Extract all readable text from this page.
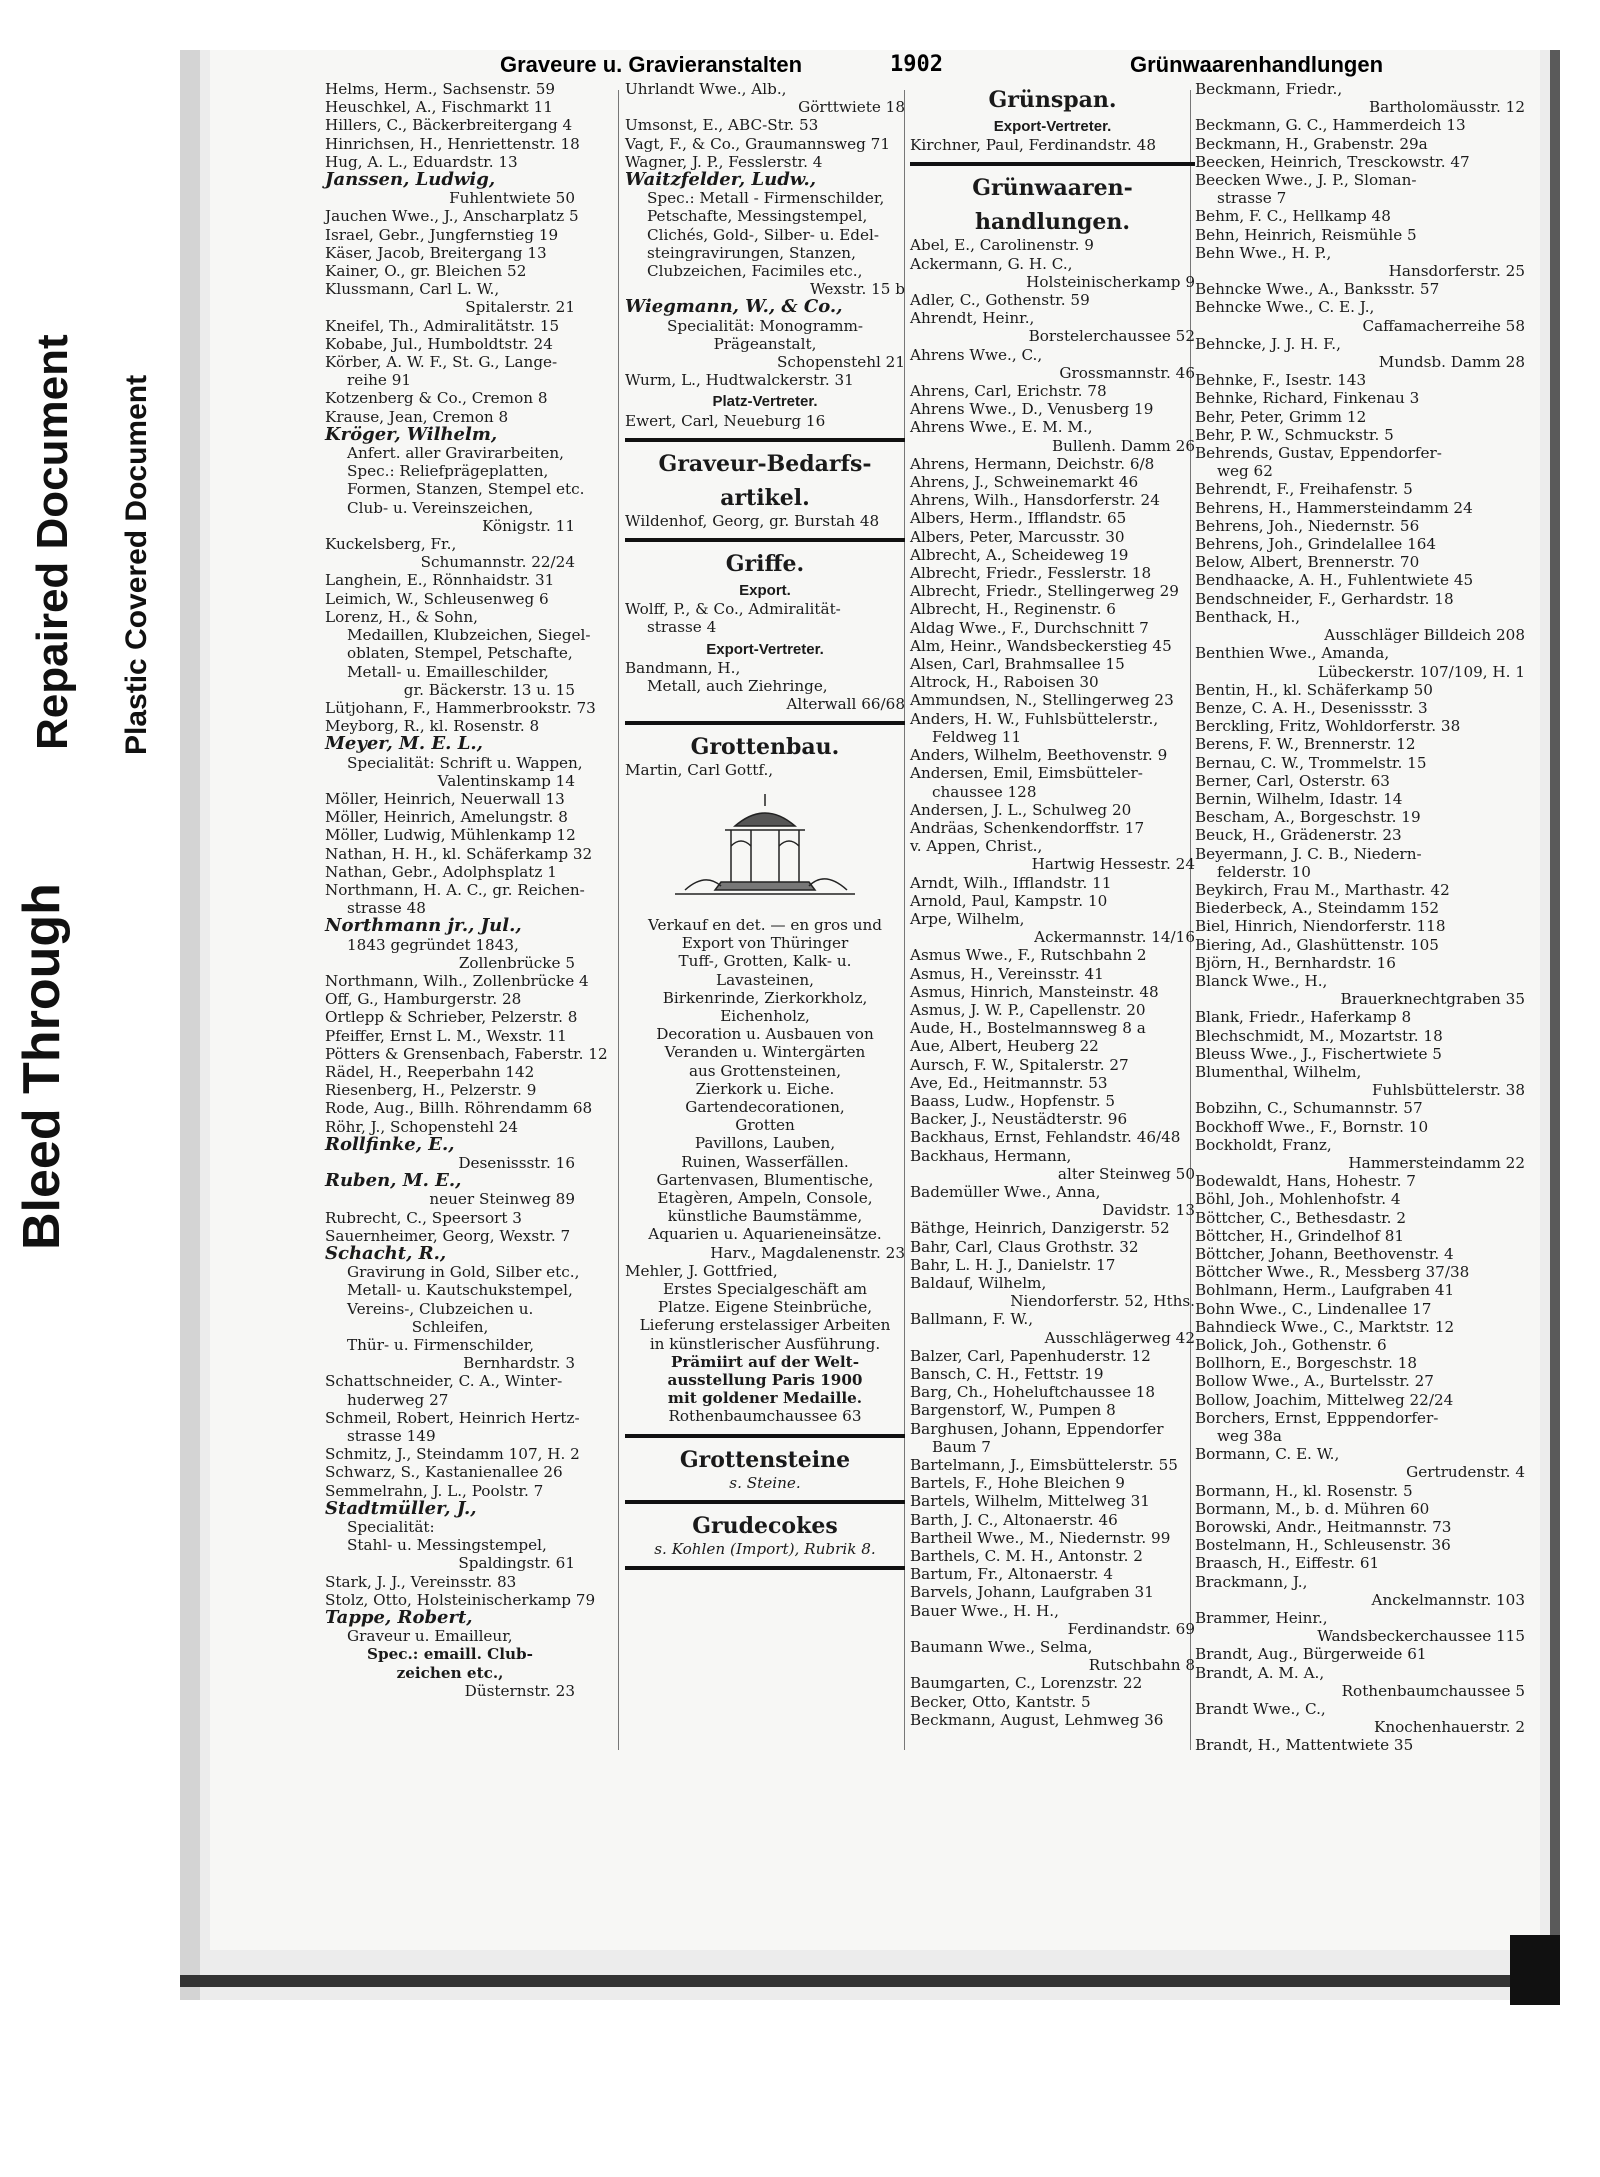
Bleed Through
Repaired Document Plastic Covered Document
Graveure u. Gravieranstalten	1902	Grünwaarenhandlungen
Helms, Herm., Sachsenstr. 59
Heuschkel, A., Fischmarkt 11
Hillers, C., Bäckerbreitergang 4
Hinrichsen, H., Henriettenstr. 18
Hug, A. L., Eduardstr. 13
Janssen, Ludwig,
Fuhlentwiete 50
Jauchen Wwe., J., Anscharplatz 5
Israel, Gebr., Jungfernstieg 19
Käser, Jacob, Breitergang 13
Kainer, O., gr. Bleichen 52
Klussmann, Carl L. W.,
Spitalerstr. 21
Kneifel, Th., Admiralitätstr. 15
Kobabe, Jul., Humboldtstr. 24
Körber, A. W. F., St. G., Lange-
reihe 91
Kotzenberg & Co., Cremon 8
Krause, Jean, Cremon 8
Kröger, Wilhelm,
Anfert. aller Gravirarbeiten,
Spec.: Reliefprägeplatten,
Formen, Stanzen, Stempel etc.
Club- u. Vereinszeichen,
Königstr. 11
Kuckelsberg, Fr.,
Schumannstr. 22/24
Langhein, E., Rönnhaidstr. 31
Leimich, W., Schleusenweg 6
Lorenz, H., & Sohn,
Medaillen, Klubzeichen, Siegel-
oblaten, Stempel, Petschafte,
Metall- u. Emailleschilder,
gr. Bäckerstr. 13 u. 15
Lütjohann, F., Hammerbrookstr. 73
Meyborg, R., kl. Rosenstr. 8
Meyer, M. E. L.,
Specialität: Schrift u. Wappen,
Valentinskamp 14
Möller, Heinrich, Neuerwall 13
Möller, Heinrich, Amelungstr. 8
Möller, Ludwig, Mühlenkamp 12
Nathan, H. H., kl. Schäferkamp 32
Nathan, Gebr., Adolphsplatz 1
Northmann, H. A. C., gr. Reichen-
strasse 48
Northmann jr., Jul.,
1843 gegründet 1843,
Zollenbrücke 5
Northmann, Wilh., Zollenbrücke 4
Off, G., Hamburgerstr. 28
Ortlepp & Schrieber, Pelzerstr. 8
Pfeiffer, Ernst L. M., Wexstr. 11
Pötters & Grensenbach, Faberstr. 12
Rädel, H., Reeperbahn 142
Riesenberg, H., Pelzerstr. 9
Rode, Aug., Billh. Röhrendamm 68
Röhr, J., Schopenstehl 24
Rollfinke, E.,
Desenissstr. 16
Ruben, M. E.,
neuer Steinweg 89
Rubrecht, C., Speersort 3
Sauernheimer, Georg, Wexstr. 7
Schacht, R.,
Gravirung in Gold, Silber etc.,
Metall- u. Kautschukstempel,
Vereins-, Clubzeichen u.
Schleifen,
Thür- u. Firmenschilder,
Bernhardstr. 3
Schattschneider, C. A., Winter-
huderweg 27
Schmeil, Robert, Heinrich Hertz-
strasse 149
Schmitz, J., Steindamm 107, H. 2
Schwarz, S., Kastanienallee 26
Semmelrahn, J. L., Poolstr. 7
Stadtmüller, J.,
Specialität:
Stahl- u. Messingstempel,
Spaldingstr. 61
Stark, J. J., Vereinsstr. 83
Stolz, Otto, Holsteinischerkamp 79
Tappe, Robert,
Graveur u. Emailleur,
Spec.: emaill. Club-
zeichen etc.,
Düsternstr. 23
Uhrlandt Wwe., Alb.,
Görttwiete 18
Umsonst, E., ABC-Str. 53
Vagt, F., & Co., Graumannsweg 71
Wagner, J. P., Fesslerstr. 4
Waitzfelder, Ludw.,
Spec.: Metall - Firmenschilder,
Petschafte, Messingstempel,
Clichés, Gold-, Silber- u. Edel-
steingravirungen, Stanzen,
Clubzeichen, Facimiles etc.,
Wexstr. 15 b
Wiegmann, W., & Co.,
Specialität: Monogramm-
Prägeanstalt,
Schopenstehl 21
Wurm, L., Hudtwalckerstr. 31
Platz-Vertreter.
Ewert, Carl, Neueburg 16
Graveur-Bedarfs-
artikel.
Wildenhof, Georg, gr. Burstah 48
Griffe.
Export.
Wolff, P., & Co., Admiralität-
strasse 4
Export-Vertreter.
Bandmann, H.,
Metall, auch Ziehringe,
Alterwall 66/68
Grottenbau.
Martin, Carl Gottf.,
Verkauf en det. — en gros und
Export von Thüringer
Tuff-, Grotten, Kalk- u.
Lavasteinen,
Birkenrinde, Zierkorkholz,
Eichenholz,
Decoration u. Ausbauen von
Veranden u. Wintergärten
aus Grottensteinen,
Zierkork u. Eiche.
Gartendecorationen,
Grotten
Pavillons, Lauben,
Ruinen, Wasserfällen.
Gartenvasen, Blumentische,
Etagèren, Ampeln, Console,
künstliche Baumstämme,
Aquarien u. Aquarieneinsätze.
Harv., Magdalenenstr. 23
Mehler, J. Gottfried,
Erstes Specialgeschäft am
Platze. Eigene Steinbrüche,
Lieferung erstelassiger Arbeiten
in künstlerischer Ausführung.
Prämiirt auf der Welt-
ausstellung Paris 1900
mit goldener Medaille.
Rothenbaumchaussee 63
Grottensteine
s. Steine.
Grudecokes
s. Kohlen (Import), Rubrik 8.
Grünspan.
Export-Vertreter.
Kirchner, Paul, Ferdinandstr. 48
Grünwaaren-
handlungen.
Abel, E., Carolinenstr. 9
Ackermann, G. H. C.,
Holsteinischerkamp 9
Adler, C., Gothenstr. 59
Ahrendt, Heinr.,
Borstelerchaussee 52
Ahrens Wwe., C.,
Grossmannstr. 46
Ahrens, Carl, Erichstr. 78
Ahrens Wwe., D., Venusberg 19
Ahrens Wwe., E. M. M.,
Bullenh. Damm 26
Ahrens, Hermann, Deichstr. 6/8
Ahrens, J., Schweinemarkt 46
Ahrens, Wilh., Hansdorferstr. 24
Albers, Herm., Ifflandstr. 65
Albers, Peter, Marcusstr. 30
Albrecht, A., Scheideweg 19
Albrecht, Friedr., Fesslerstr. 18
Albrecht, Friedr., Stellingerweg 29
Albrecht, H., Reginenstr. 6
Aldag Wwe., F., Durchschnitt 7
Alm, Heinr., Wandsbeckerstieg 45
Alsen, Carl, Brahmsallee 15
Altrock, H., Raboisen 30
Ammundsen, N., Stellingerweg 23
Anders, H. W., Fuhlsbüttelerstr.,
Feldweg 11
Anders, Wilhelm, Beethovenstr. 9
Andersen, Emil, Eimsbütteler-
chaussee 128
Andersen, J. L., Schulweg 20
Andräas, Schenkendorffstr. 17
v. Appen, Christ.,
Hartwig Hessestr. 24
Arndt, Wilh., Ifflandstr. 11
Arnold, Paul, Kampstr. 10
Arpe, Wilhelm,
Ackermannstr. 14/16
Asmus Wwe., F., Rutschbahn 2
Asmus, H., Vereinsstr. 41
Asmus, Hinrich, Mansteinstr. 48
Asmus, J. W. P., Capellenstr. 20
Aude, H., Bostelmannsweg 8 a
Aue, Albert, Heuberg 22
Aursch, F. W., Spitalerstr. 27
Ave, Ed., Heitmannstr. 53
Baass, Ludw., Hopfenstr. 5
Backer, J., Neustädterstr. 96
Backhaus, Ernst, Fehlandstr. 46/48
Backhaus, Hermann,
alter Steinweg 50
Bademüller Wwe., Anna,
Davidstr. 13
Bäthge, Heinrich, Danzigerstr. 52
Bahr, Carl, Claus Grothstr. 32
Bahr, L. H. J., Danielstr. 17
Baldauf, Wilhelm,
Niendorferstr. 52, Hths.
Ballmann, F. W.,
Ausschlägerweg 42
Balzer, Carl, Papenhuderstr. 12
Bansch, C. H., Fettstr. 19
Barg, Ch., Hoheluftchaussee 18
Bargenstorf, W., Pumpen 8
Barghusen, Johann, Eppendorfer
Baum 7
Bartelmann, J., Eimsbüttelerstr. 55
Bartels, F., Hohe Bleichen 9
Bartels, Wilhelm, Mittelweg 31
Barth, J. C., Altonaerstr. 46
Bartheil Wwe., M., Niedernstr. 99
Barthels, C. M. H., Antonstr. 2
Bartum, Fr., Altonaerstr. 4
Barvels, Johann, Laufgraben 31
Bauer Wwe., H. H.,
Ferdinandstr. 69
Baumann Wwe., Selma,
Rutschbahn 8
Baumgarten, C., Lorenzstr. 22
Becker, Otto, Kantstr. 5
Beckmann, August, Lehmweg 36
Beckmann, Friedr.,
Bartholomäusstr. 12
Beckmann, G. C., Hammerdeich 13
Beckmann, H., Grabenstr. 29a
Beecken, Heinrich, Tresckowstr. 47
Beecken Wwe., J. P., Sloman-
strasse 7
Behm, F. C., Hellkamp 48
Behn, Heinrich, Reismühle 5
Behn Wwe., H. P.,
Hansdorferstr. 25
Behncke Wwe., A., Banksstr. 57
Behncke Wwe., C. E. J.,
Caffamacherreihe 58
Behncke, J. J. H. F.,
Mundsb. Damm 28
Behnke, F., Isestr. 143
Behnke, Richard, Finkenau 3
Behr, Peter, Grimm 12
Behr, P. W., Schmuckstr. 5
Behrends, Gustav, Eppendorfer-
weg 62
Behrendt, F., Freihafenstr. 5
Behrens, H., Hammersteindamm 24
Behrens, Joh., Niedernstr. 56
Behrens, Joh., Grindelallee 164
Below, Albert, Brennerstr. 70
Bendhaacke, A. H., Fuhlentwiete 45
Bendschneider, F., Gerhardstr. 18
Benthack, H.,
Ausschläger Billdeich 208
Benthien Wwe., Amanda,
Lübeckerstr. 107/109, H. 1
Bentin, H., kl. Schäferkamp 50
Benze, C. A. H., Desenissstr. 3
Berckling, Fritz, Wohldorferstr. 38
Berens, F. W., Brennerstr. 12
Bernau, C. W., Trommelstr. 15
Berner, Carl, Osterstr. 63
Bernin, Wilhelm, Idastr. 14
Bescham, A., Borgeschstr. 19
Beuck, H., Grädenerstr. 23
Beyermann, J. C. B., Niedern-
felderstr. 10
Beykirch, Frau M., Marthastr. 42
Biederbeck, A., Steindamm 152
Biel, Hinrich, Niendorferstr. 118
Biering, Ad., Glashüttenstr. 105
Björn, H., Bernhardstr. 16
Blanck Wwe., H.,
Brauerknechtgraben 35
Blank, Friedr., Haferkamp 8
Blechschmidt, M., Mozartstr. 18
Bleuss Wwe., J., Fischertwiete 5
Blumenthal, Wilhelm,
Fuhlsbüttelerstr. 38
Bobzihn, C., Schumannstr. 57
Bockhoff Wwe., F., Bornstr. 10
Bockholdt, Franz,
Hammersteindamm 22
Bodewaldt, Hans, Hohestr. 7
Böhl, Joh., Mohlenhofstr. 4
Böttcher, C., Bethesdastr. 2
Böttcher, H., Grindelhof 81
Böttcher, Johann, Beethovenstr. 4
Böttcher Wwe., R., Messberg 37/38
Bohlmann, Herm., Laufgraben 41
Bohn Wwe., C., Lindenallee 17
Bahndieck Wwe., C., Marktstr. 12
Bolick, Joh., Gothenstr. 6
Bollhorn, E., Borgeschstr. 18
Bollow Wwe., A., Burtelsstr. 27
Bollow, Joachim, Mittelweg 22/24
Borchers, Ernst, Epppendorfer-
weg 38a
Bormann, C. E. W.,
Gertrudenstr. 4
Bormann, H., kl. Rosenstr. 5
Bormann, M., b. d. Mühren 60
Borowski, Andr., Heitmannstr. 73
Bostelmann, H., Schleusenstr. 36
Braasch, H., Eiffestr. 61
Brackmann, J.,
Anckelmannstr. 103
Brammer, Heinr.,
Wandsbeckerchaussee 115
Brandt, Aug., Bürgerweide 61
Brandt, A. M. A.,
Rothenbaumchaussee 5
Brandt Wwe., C.,
Knochenhauerstr. 2
Brandt, H., Mattentwiete 35
